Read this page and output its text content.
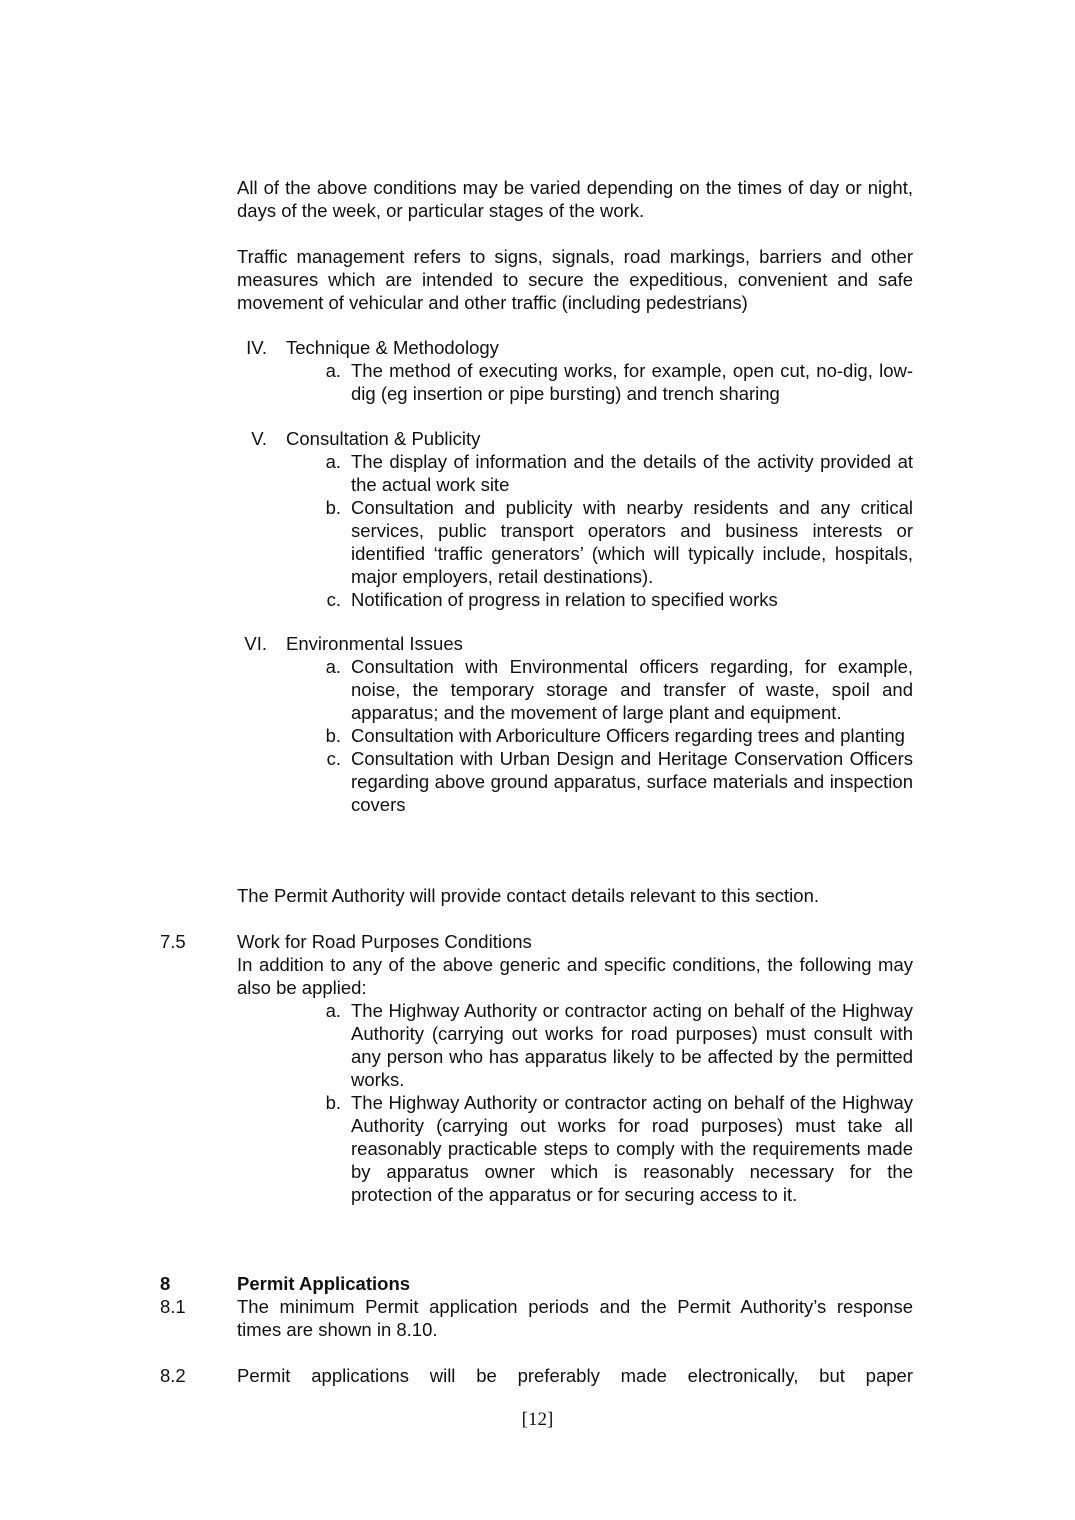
All of the above conditions may be varied depending on the times of day or night, days of the week, or particular stages of the work.

Traffic management refers to signs, signals, road markings, barriers and other measures which are intended to secure the expeditious, convenient and safe movement of vehicular and other traffic (including pedestrians)

IV. Technique & Methodology
a. The method of executing works, for example, open cut, no-dig, low-dig (eg insertion or pipe bursting) and trench sharing
V. Consultation & Publicity
a. The display of information and the details of the activity provided at the actual work site
b. Consultation and publicity with nearby residents and any critical services, public transport operators and business interests or identified ‘traffic generators’ (which will typically include, hospitals, major employers, retail destinations).
c. Notification of progress in relation to specified works
VI. Environmental Issues
a. Consultation with Environmental officers regarding, for example, noise, the temporary storage and transfer of waste, spoil and apparatus; and the movement of large plant and equipment.
b. Consultation with Arboriculture Officers regarding trees and planting
c. Consultation with Urban Design and Heritage Conservation Officers regarding above ground apparatus, surface materials and inspection covers

The Permit Authority will provide contact details relevant to this section.

7.5	Work for Road Purposes Conditions
In addition to any of the above generic and specific conditions, the following may also be applied:
a. The Highway Authority or contractor acting on behalf of the Highway Authority (carrying out works for road purposes) must consult with any person who has apparatus likely to be affected by the permitted works.
b. The Highway Authority or contractor acting on behalf of the Highway Authority (carrying out works for road purposes) must take all reasonably practicable steps to comply with the requirements made by apparatus owner which is reasonably necessary for the protection of the apparatus or for securing access to it.
8	Permit Applications
8.1	The minimum Permit application periods and the Permit Authority’s response times are shown in 8.10.
8.2	Permit applications will be preferably made electronically, but paper
[12]
